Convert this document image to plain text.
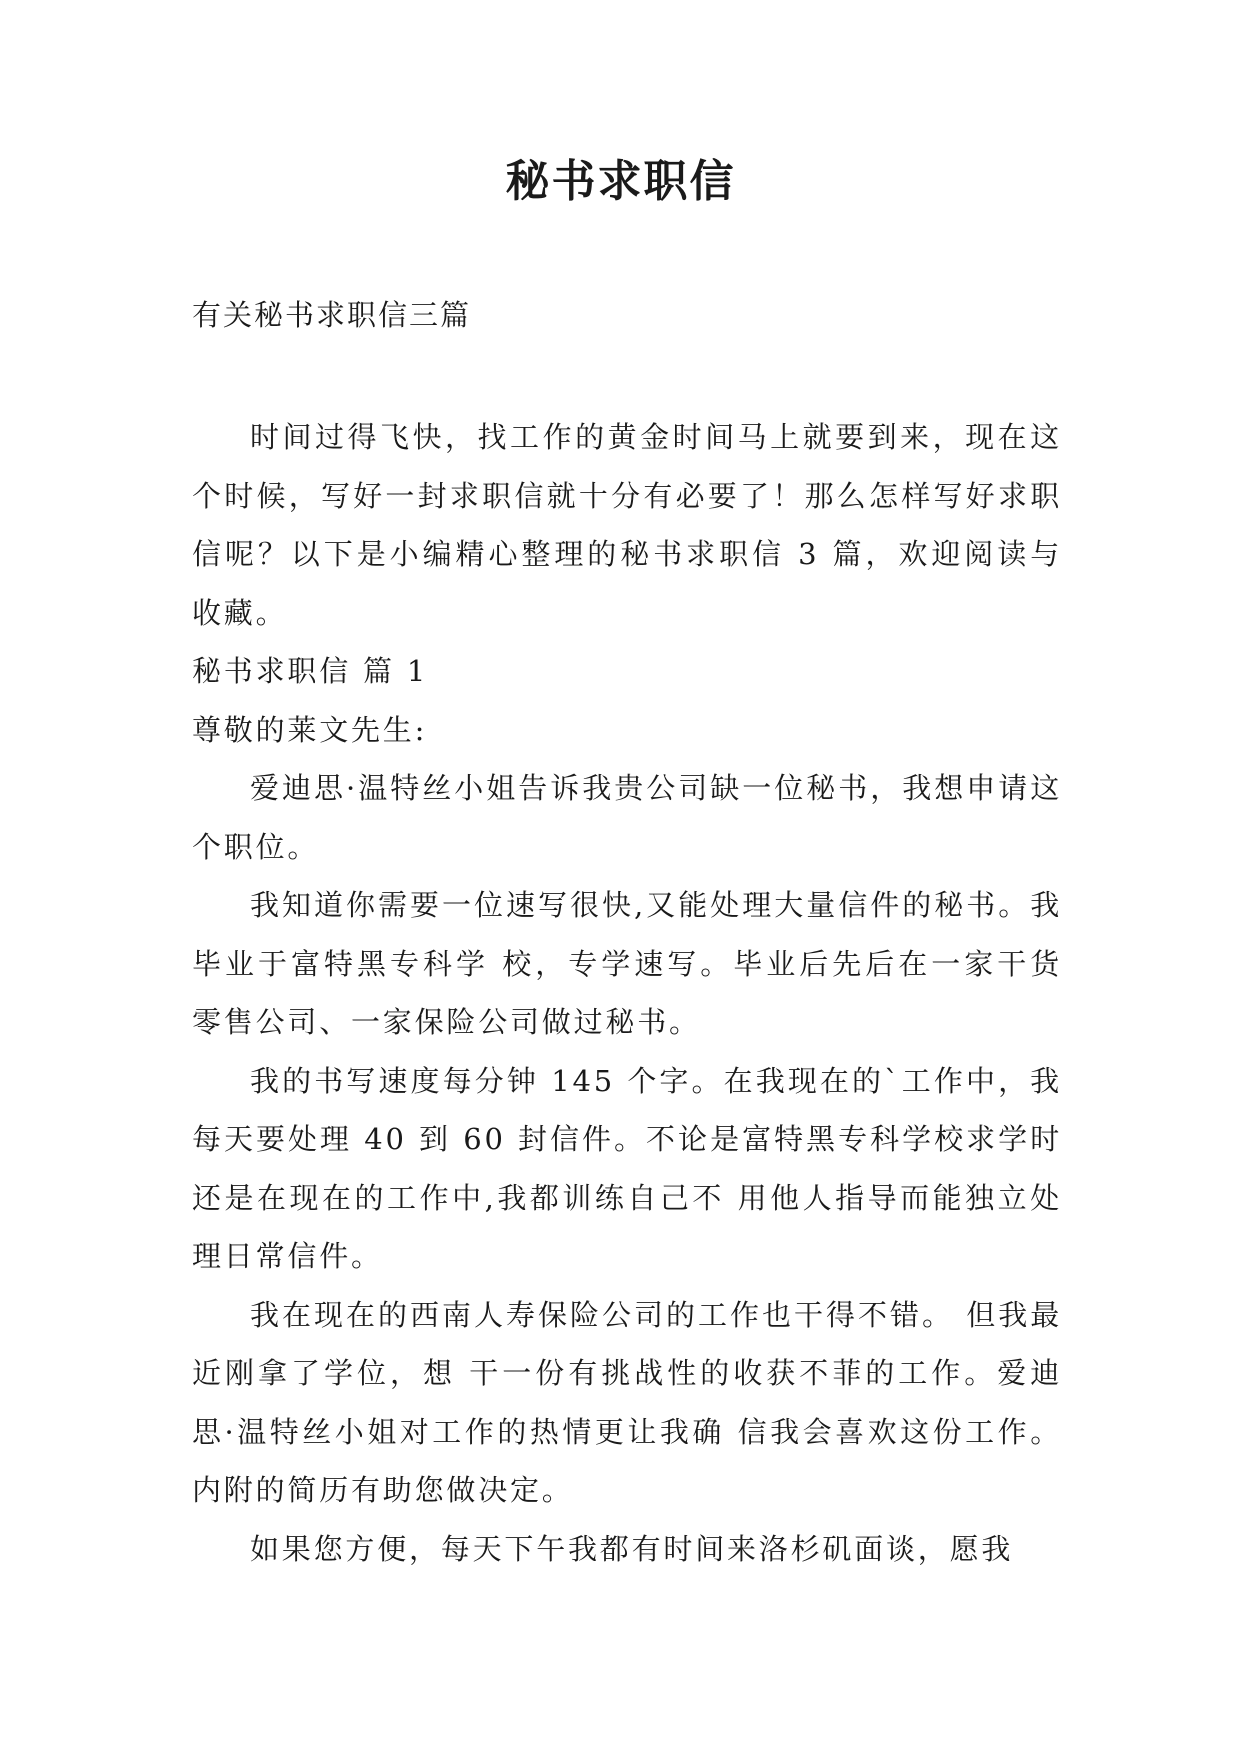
秘书求职信
有关秘书求职信三篇

时间过得飞快，找工作的黄金时间马上就要到来，现在这个时候，写好一封求职信就十分有必要了！那么怎样写好求职信呢？以下是小编精心整理的秘书求职信 3 篇，欢迎阅读与收藏。

秘书求职信 篇 1

尊敬的莱文先生:

爱迪思·温特丝小姐告诉我贵公司缺一位秘书，我想申请这个职位。

我知道你需要一位速写很快,又能处理大量信件的秘书。我毕业于富特黑专科学 校，专学速写。毕业后先后在一家干货零售公司、一家保险公司做过秘书。

我的书写速度每分钟 145 个字。在我现在的`工作中，我每天要处理 40 到 60 封信件。不论是富特黑专科学校求学时还是在现在的工作中,我都训练自己不 用他人指导而能独立处理日常信件。

我在现在的西南人寿保险公司的工作也干得不错。 但我最近刚拿了学位，想 干一份有挑战性的收获不菲的工作。爱迪思·温特丝小姐对工作的热情更让我确 信我会喜欢这份工作。内附的简历有助您做决定。

如果您方便，每天下午我都有时间来洛杉矶面谈，愿我
